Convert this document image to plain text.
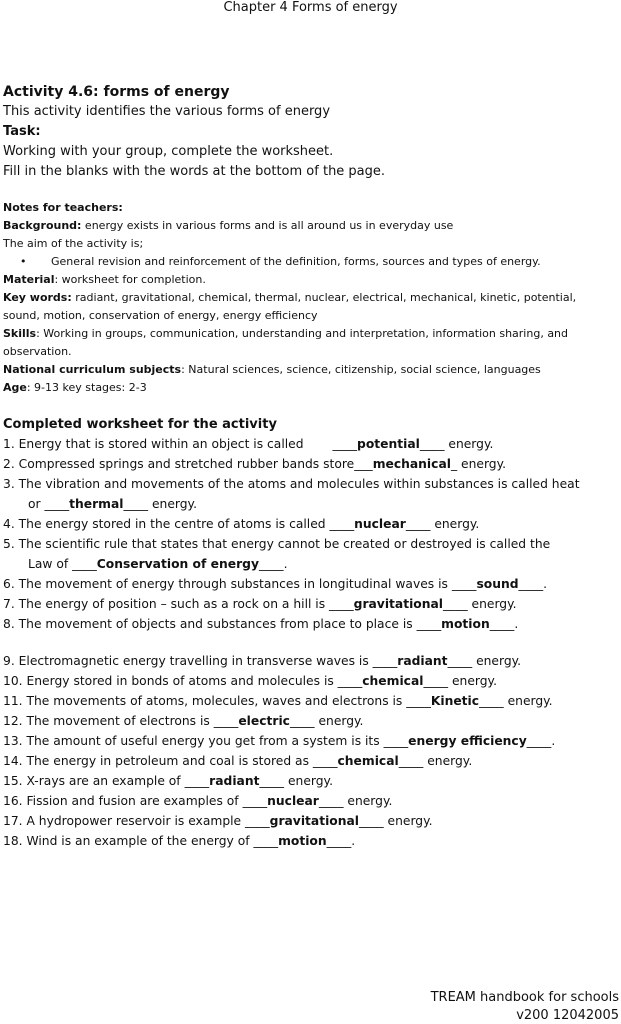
Chapter 4 Forms of energy
Activity 4.6: forms of energy
This activity identifies the various forms of energy
Task:
Working with your group, complete the worksheet.
Fill in the blanks with the words at the bottom of the page.
Notes for teachers:
Background: energy exists in various forms and is all around us in everyday use
The aim of the activity is;
• General revision and reinforcement of the definition, forms, sources and types of energy.
Material: worksheet for completion.
Key words: radiant, gravitational, chemical, thermal, nuclear, electrical, mechanical, kinetic, potential,
sound, motion, conservation of energy, energy efficiency
Skills: Working in groups, communication, understanding and interpretation, information sharing, and
observation.
National curriculum subjects: Natural sciences, science, citizenship, social science, languages
Age: 9-13 key stages: 2-3
Completed worksheet for the activity
1. Energy that is stored within an object is called ____potential____ energy.
2. Compressed springs and stretched rubber bands store___mechanical_ energy.
3. The vibration and movements of the atoms and molecules within substances is called heat
or ____thermal____ energy.
4. The energy stored in the centre of atoms is called ____nuclear____ energy.
5. The scientific rule that states that energy cannot be created or destroyed is called the
Law of ____Conservation of energy____.
6. The movement of energy through substances in longitudinal waves is ____sound____.
7. The energy of position – such as a rock on a hill is ____gravitational____ energy.
8. The movement of objects and substances from place to place is ____motion____.
9. Electromagnetic energy travelling in transverse waves is ____radiant____ energy.
10. Energy stored in bonds of atoms and molecules is ____chemical____ energy.
11. The movements of atoms, molecules, waves and electrons is ____Kinetic____ energy.
12. The movement of electrons is ____electric____ energy.
13. The amount of useful energy you get from a system is its ____energy efficiency____.
14. The energy in petroleum and coal is stored as ____chemical____ energy.
15. X-rays are an example of ____radiant____ energy.
16. Fission and fusion are examples of ____nuclear____ energy.
17. A hydropower reservoir is example ____gravitational____ energy.
18. Wind is an example of the energy of ____motion____.
TREAM handbook for schools
v200 12042005
